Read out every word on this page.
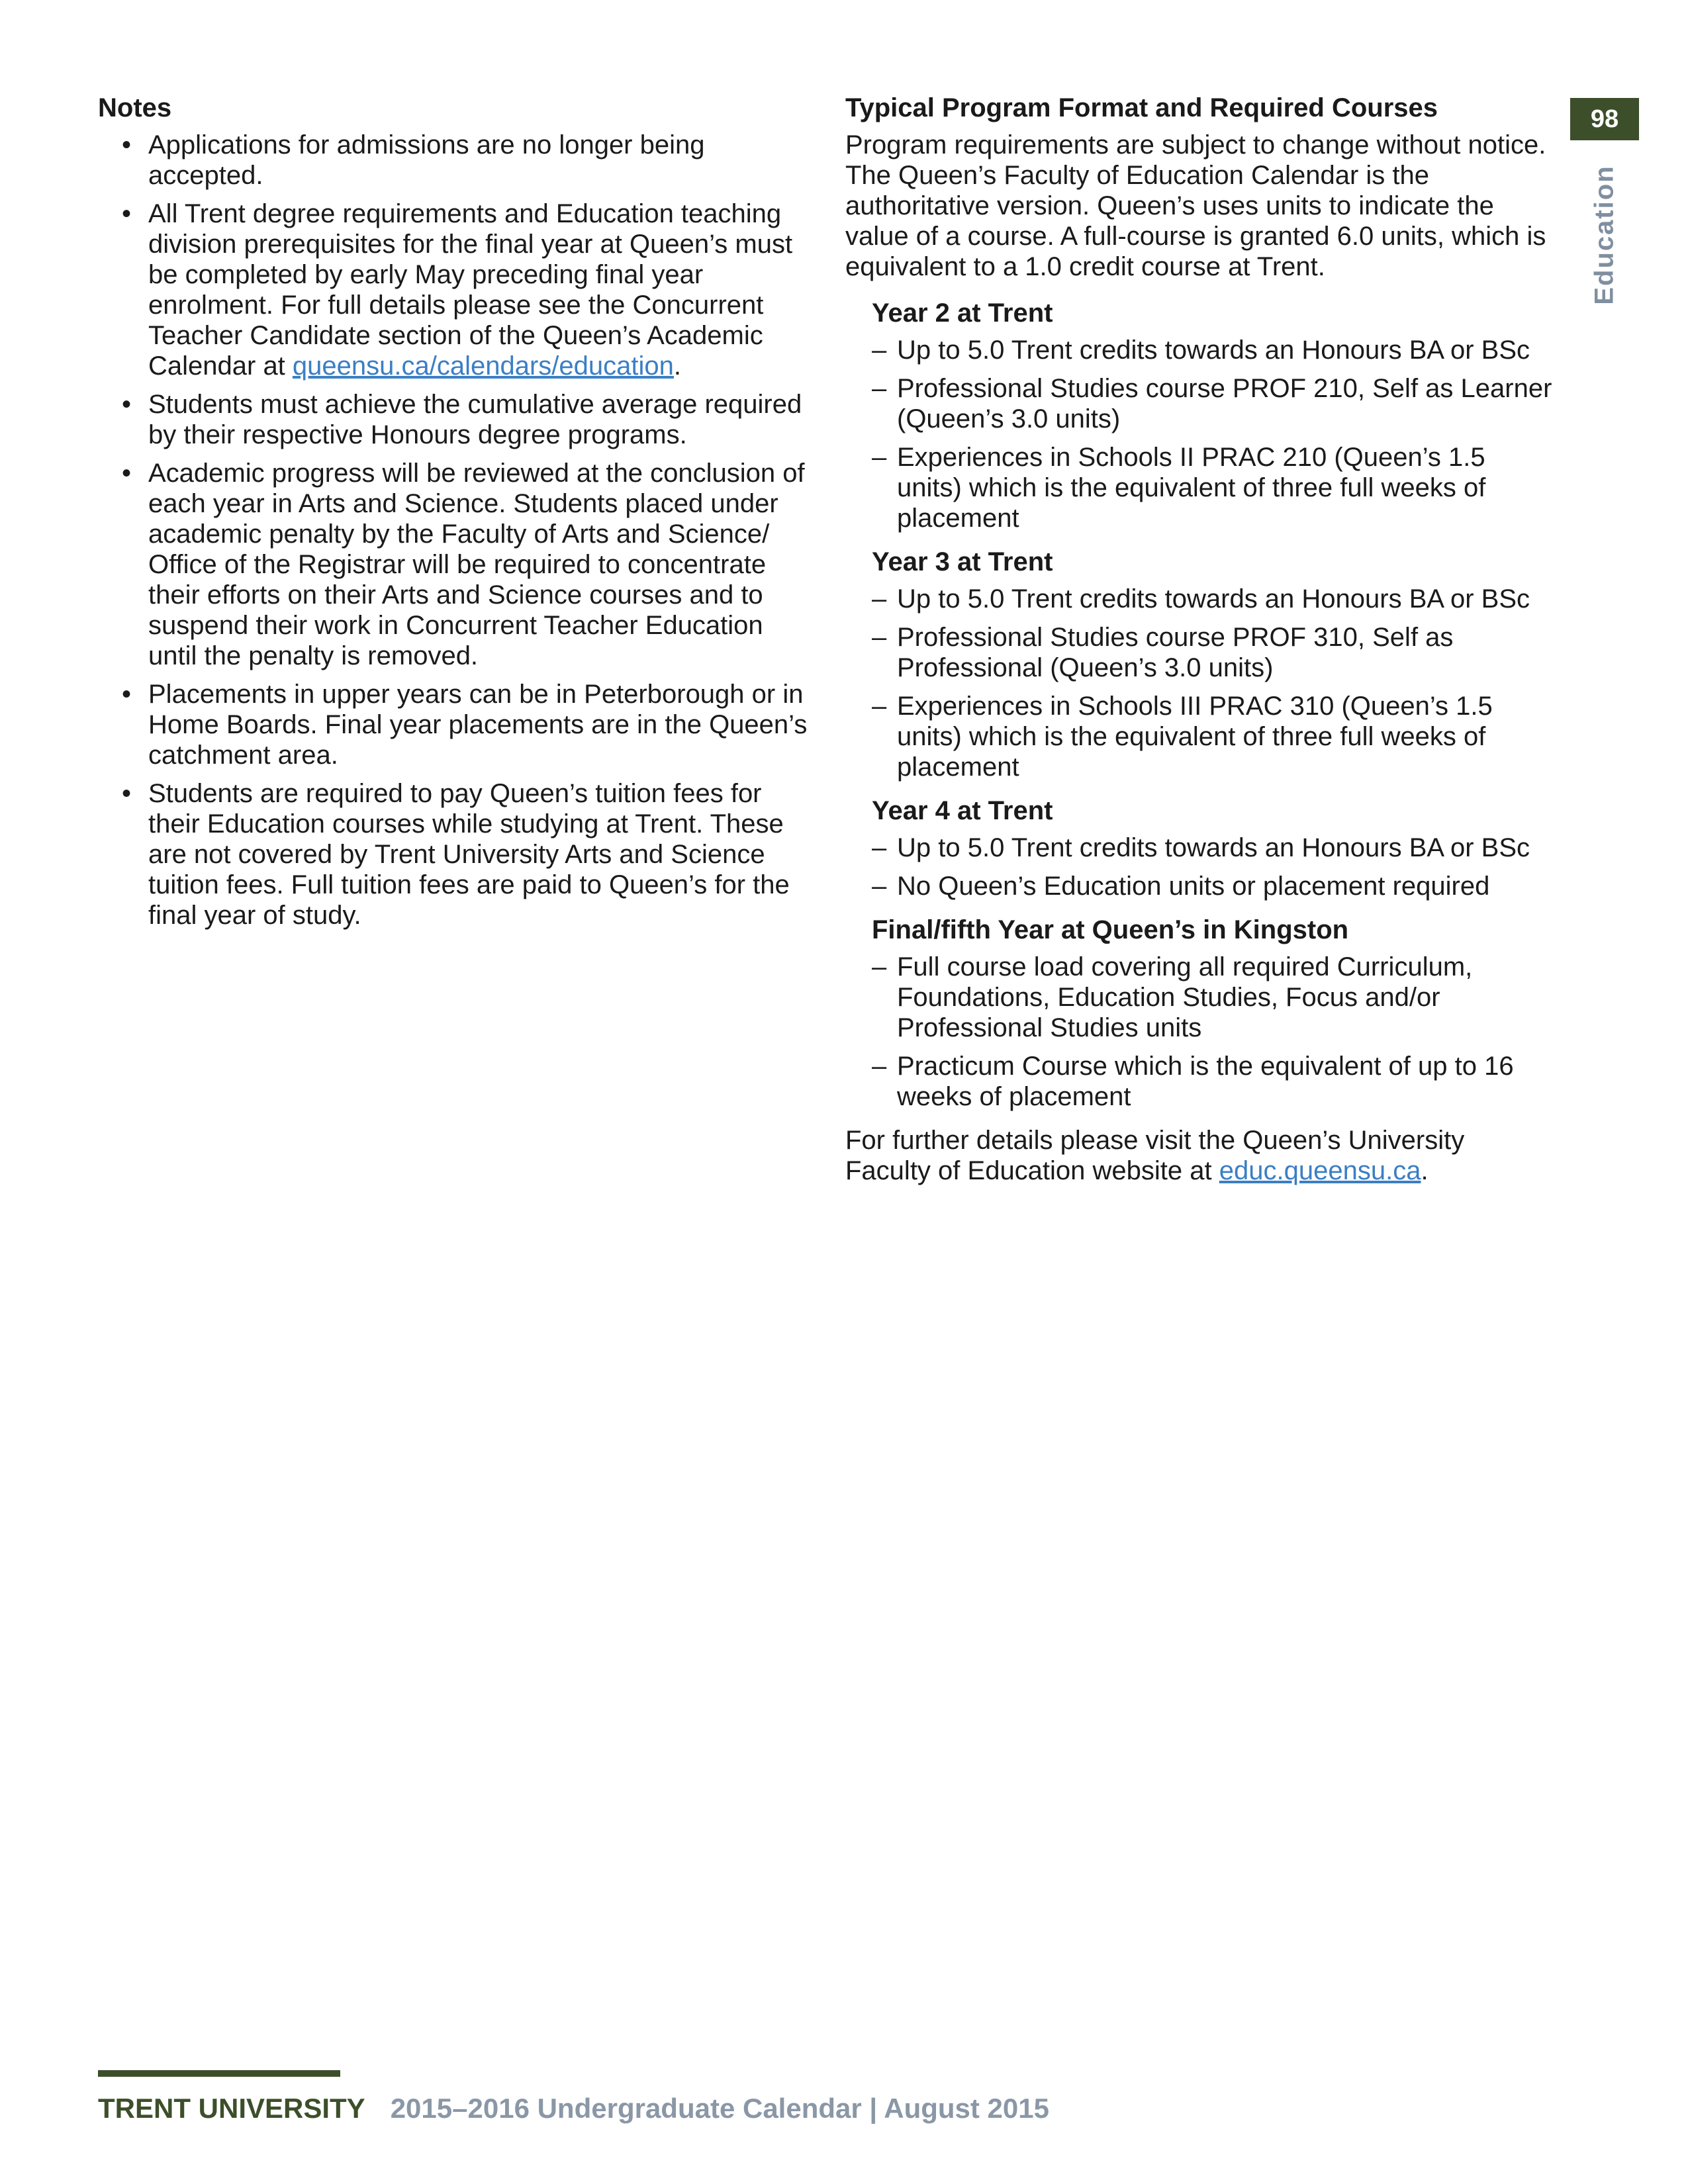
Notes
• Applications for admissions are no longer being accepted.
• All Trent degree requirements and Education teaching division prerequisites for the final year at Queen’s must be completed by early May preceding final year enrolment. For full details please see the Concurrent Teacher Candidate section of the Queen’s Academic Calendar at queensu.ca/calendars/education.
• Students must achieve the cumulative average required by their respective Honours degree programs.
• Academic progress will be reviewed at the conclusion of each year in Arts and Science. Students placed under academic penalty by the Faculty of Arts and Science/ Office of the Registrar will be required to concentrate their efforts on their Arts and Science courses and to suspend their work in Concurrent Teacher Education until the penalty is removed.
• Placements in upper years can be in Peterborough or in Home Boards. Final year placements are in the Queen’s catchment area.
• Students are required to pay Queen’s tuition fees for their Education courses while studying at Trent. These are not covered by Trent University Arts and Science tuition fees. Full tuition fees are paid to Queen’s for the final year of study.
Typical Program Format and Required Courses

Program requirements are subject to change without notice. The Queen’s Faculty of Education Calendar is the authoritative version. Queen’s uses units to indicate the value of a course. A full-course is granted 6.0 units, which is equivalent to a 1.0 credit course at Trent.

Year 2 at Trent
– Up to 5.0 Trent credits towards an Honours BA or BSc
– Professional Studies course PROF 210, Self as Learner (Queen’s 3.0 units)
– Experiences in Schools II PRAC 210 (Queen’s 1.5 units) which is the equivalent of three full weeks of placement
Year 3 at Trent
– Up to 5.0 Trent credits towards an Honours BA or BSc
– Professional Studies course PROF 310, Self as Professional (Queen’s 3.0 units)
– Experiences in Schools III PRAC 310 (Queen’s 1.5 units) which is the equivalent of three full weeks of placement
Year 4 at Trent
– Up to 5.0 Trent credits towards an Honours BA or BSc
– No Queen’s Education units or placement required
Final/fifth Year at Queen’s in Kingston
– Full course load covering all required Curriculum, Foundations, Education Studies, Focus and/or Professional Studies units
– Practicum Course which is the equivalent of up to 16 weeks of placement

For further details please visit the Queen’s University Faculty of Education website at educ.queensu.ca.

98
Education
TRENT UNIVERSITY 2015–2016 Undergraduate Calendar | August 2015
